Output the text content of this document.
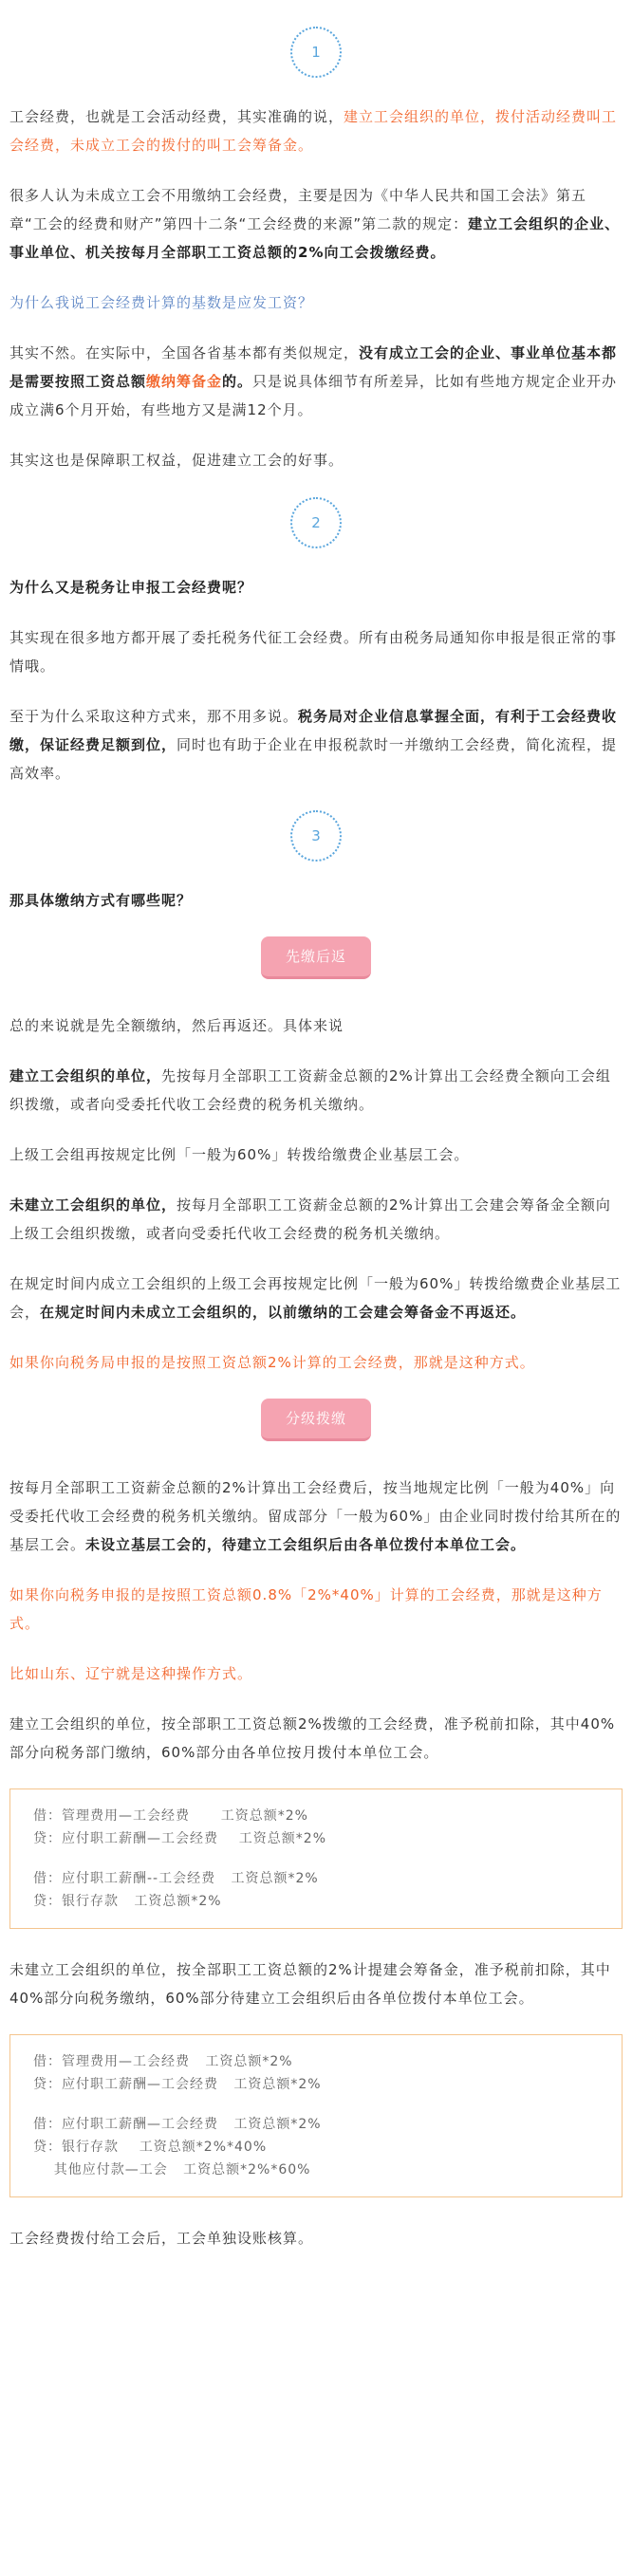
1

工会经费，也就是工会活动经费，其实准确的说，建立工会组织的单位，拨付活动经费叫工会经费，未成立工会的拨付的叫工会筹备金。

很多人认为未成立工会不用缴纳工会经费，主要是因为《中华人民共和国工会法》第五章“工会的经费和财产”第四十二条“工会经费的来源”第二款的规定：建立工会组织的企业、事业单位、机关按每月全部职工工资总额的2%向工会拨缴经费。

为什么我说工会经费计算的基数是应发工资？

其实不然。在实际中，全国各省基本都有类似规定，没有成立工会的企业、事业单位基本都是需要按照工资总额缴纳筹备金的。只是说具体细节有所差异，比如有些地方规定企业开办成立满6个月开始，有些地方又是满12个月。

其实这也是保障职工权益，促进建立工会的好事。

2

为什么又是税务让申报工会经费呢？

其实现在很多地方都开展了委托税务代征工会经费。所有由税务局通知你申报是很正常的事情哦。

至于为什么采取这种方式来，那不用多说。税务局对企业信息掌握全面，有利于工会经费收缴，保证经费足额到位，同时也有助于企业在申报税款时一并缴纳工会经费，简化流程，提高效率。

3

那具体缴纳方式有哪些呢？

先缴后返

总的来说就是先全额缴纳，然后再返还。具体来说

建立工会组织的单位，先按每月全部职工工资薪金总额的2%计算出工会经费全额向工会组织拨缴，或者向受委托代收工会经费的税务机关缴纳。

上级工会组再按规定比例「一般为60%」转拨给缴费企业基层工会。

未建立工会组织的单位，按每月全部职工工资薪金总额的2%计算出工会建会筹备金全额向上级工会组织拨缴，或者向受委托代收工会经费的税务机关缴纳。

在规定时间内成立工会组织的上级工会再按规定比例「一般为60%」转拨给缴费企业基层工会，在规定时间内未成立工会组织的，以前缴纳的工会建会筹备金不再返还。

如果你向税务局申报的是按照工资总额2%计算的工会经费，那就是这种方式。

分级拨缴

按每月全部职工工资薪金总额的2%计算出工会经费后，按当地规定比例「一般为40%」向受委托代收工会经费的税务机关缴纳。留成部分「一般为60%」由企业同时拨付给其所在的基层工会。未设立基层工会的，待建立工会组织后由各单位拨付本单位工会。

如果你向税务申报的是按照工资总额0.8%「2%*40%」计算的工会经费，那就是这种方式。

比如山东、辽宁就是这种操作方式。

建立工会组织的单位，按全部职工工资总额2%拨缴的工会经费，准予税前扣除，其中40%部分向税务部门缴纳，60%部分由各单位按月拨付本单位工会。

借：管理费用—工会经费      工资总额*2%
贷：应付职工薪酬—工会经费    工资总额*2%
借：应付职工薪酬--工会经费   工资总额*2%
贷：银行存款   工资总额*2%

未建立工会组织的单位，按全部职工工资总额的2%计提建会筹备金，准予税前扣除，其中40%部分向税务缴纳，60%部分待建立工会组织后由各单位拨付本单位工会。

借：管理费用—工会经费   工资总额*2%
贷：应付职工薪酬—工会经费   工资总额*2%
借：应付职工薪酬—工会经费   工资总额*2%
贷：银行存款    工资总额*2%*40%
其他应付款—工会   工资总额*2%*60%

工会经费拨付给工会后，工会单独设账核算。
